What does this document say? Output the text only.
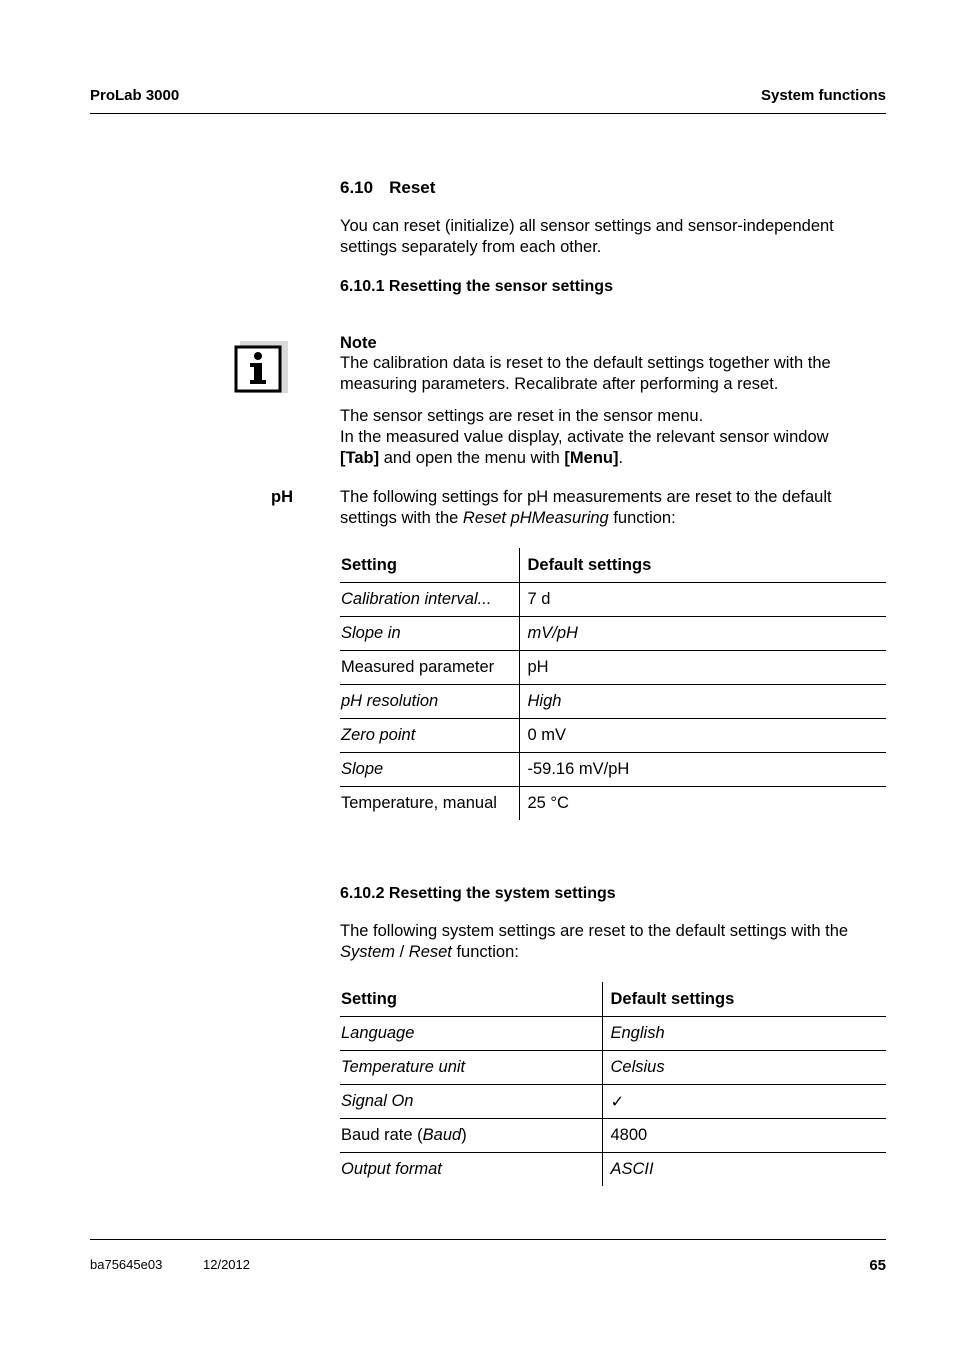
ProLab 3000	System functions
6.10 Reset
You can reset (initialize) all sensor settings and sensor-independent settings separately from each other.
6.10.1 Resetting the sensor settings
Note
The calibration data is reset to the default settings together with the measuring parameters. Recalibrate after performing a reset.
The sensor settings are reset in the sensor menu.
In the measured value display, activate the relevant sensor window
[Tab] and open the menu with [Menu].
pH	The following settings for pH measurements are reset to the default settings with the Reset pHMeasuring function:
Setting	Default settings
Calibration interval...	7 d
Slope in	mV/pH
Measured parameter	pH
pH resolution	High
Zero point	0 mV
Slope	-59.16 mV/pH
Temperature, manual	25 °C
6.10.2 Resetting the system settings
The following system settings are reset to the default settings with the System / Reset function:
Setting	Default settings
Language	English
Temperature unit	Celsius
Signal On	✓
Baud rate (Baud)	4800
Output format	ASCII
ba75645e03	12/2012	65
